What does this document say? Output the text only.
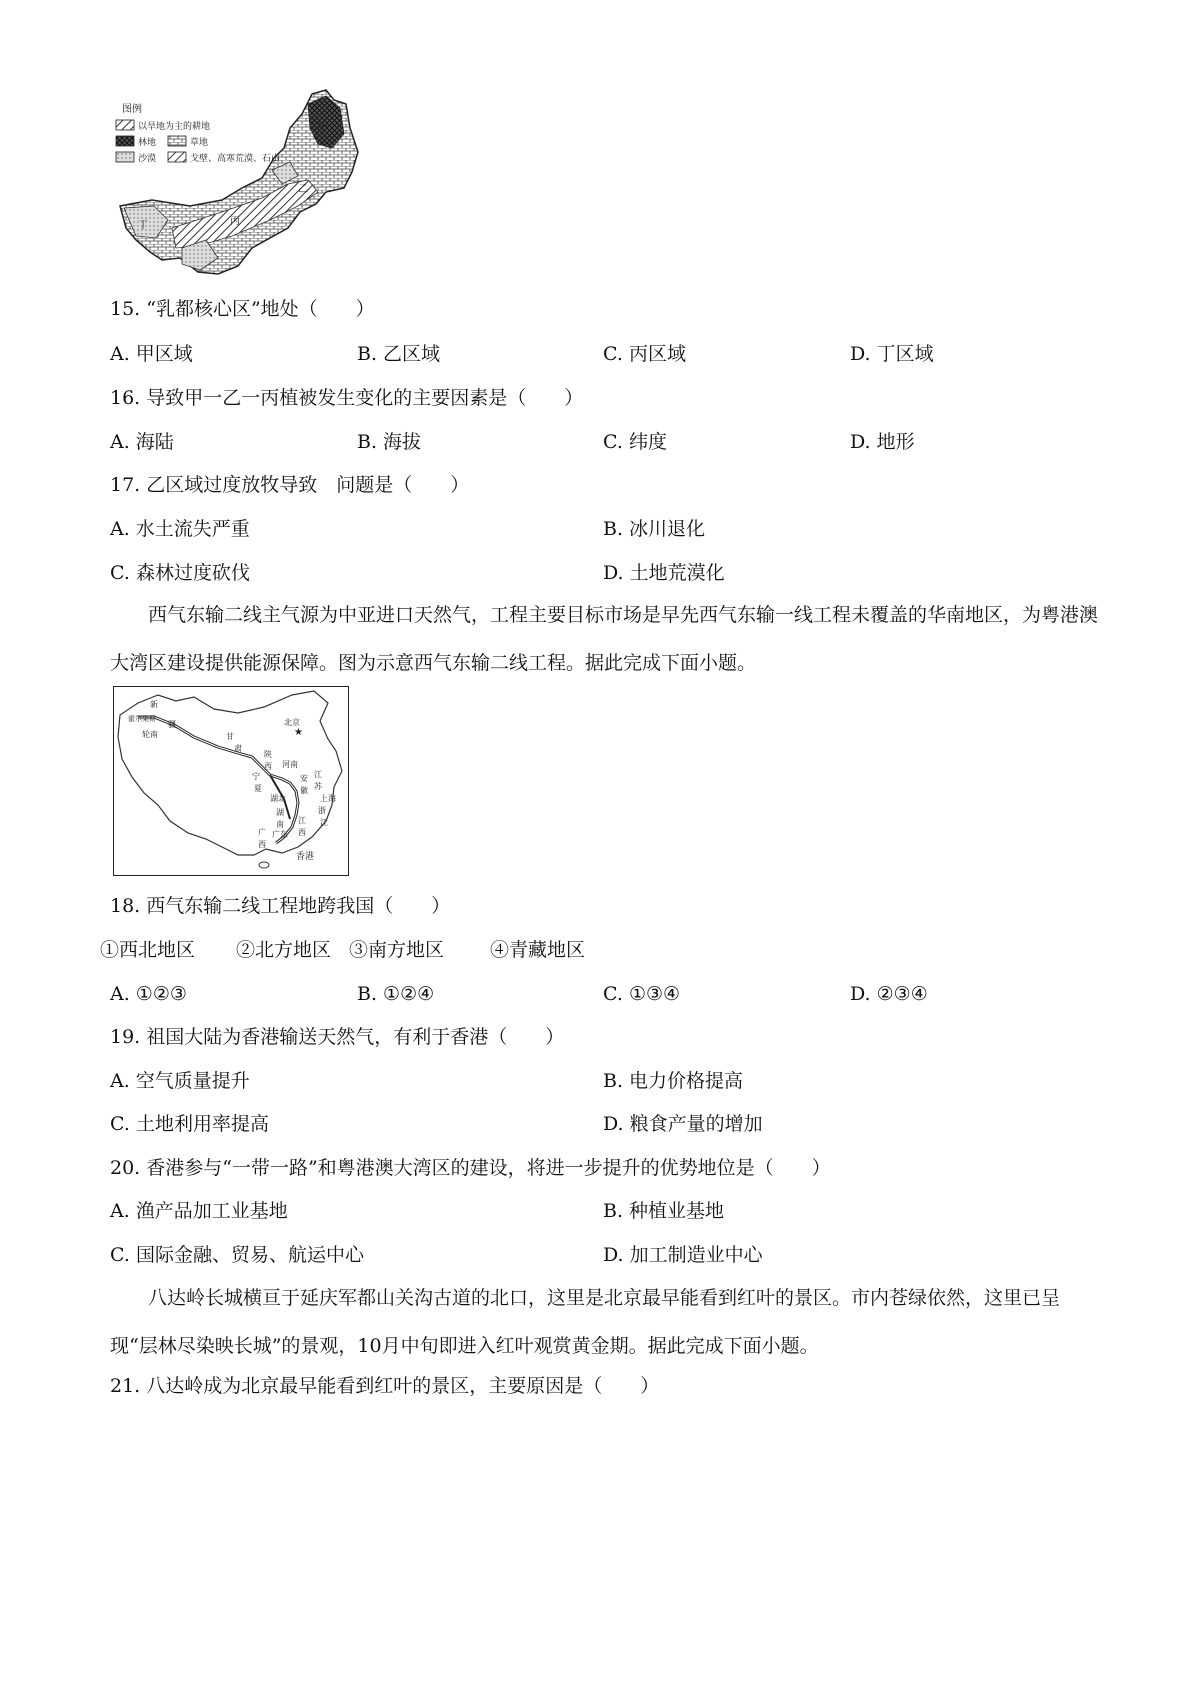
甲
乙
丙
丁
图例
以旱地为主的耕地
林地	草地
沙漠	戈壁、高寒荒漠、石山
15. “乳都核心区”地处（　　）
A. 甲区域	B. 乙区域	C. 丙区域	D. 丁区域
16. 导致甲一乙一丙植被发生变化的主要因素是（　　）
A. 海陆	B. 海拔	C. 纬度	D. 地形
17. 乙区域过度放牧导致　问题是（　　）
A. 水土流失严重	B. 冰川退化
C. 森林过度砍伐	D. 土地荒漠化

西气东输二线主气源为中亚进口天然气，工程主要目标市场是早先西气东输一线工程未覆盖的华南地区，为粤港澳大湾区建设提供能源保障。图为示意西气东输二线工程。据此完成下面小题。

★
新
霍尔果斯
疆
轮南	甘
肃
北京
宁
夏
陕
西 河南
安
徽
江
苏
上海
湖北
湖
南
浙
江
江
西
广
西
广东
香港
18. 西气东输二线工程地跨我国（　　）
①西北地区 ②北方地区 ③南方地区 ④青藏地区
A. ①②③	B. ①②④	C. ①③④	D. ②③④
19. 祖国大陆为香港输送天然气，有利于香港（　　）
A. 空气质量提升	B. 电力价格提高
C. 土地利用率提高	D. 粮食产量的增加
20. 香港参与“一带一路”和粤港澳大湾区的建设，将进一步提升的优势地位是（　　）
A. 渔产品加工业基地	B. 种植业基地
C. 国际金融、贸易、航运中心	D. 加工制造业中心

八达岭长城横亘于延庆军都山关沟古道的北口，这里是北京最早能看到红叶的景区。市内苍绿依然，这里已呈现“层林尽染映长城”的景观，10月中旬即进入红叶观赏黄金期。据此完成下面小题。

21. 八达岭成为北京最早能看到红叶的景区，主要原因是（　　）
